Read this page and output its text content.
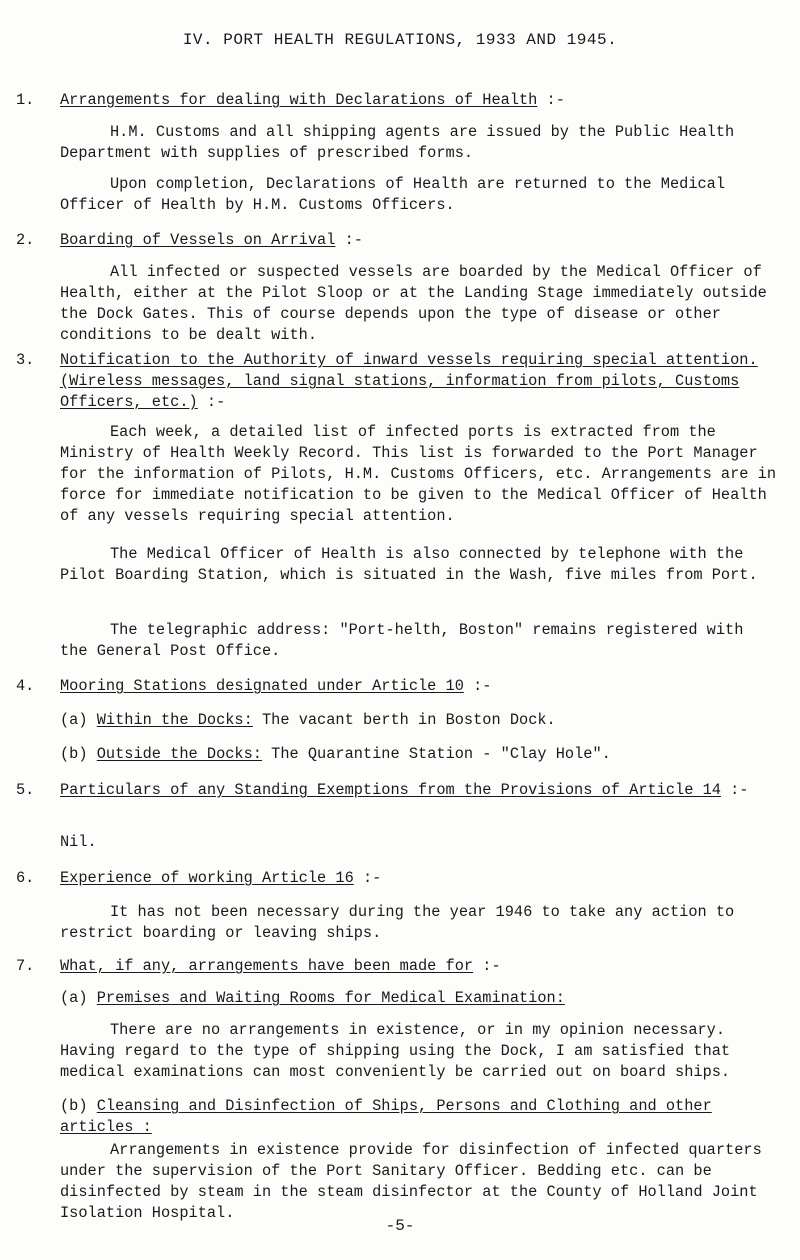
IV. PORT HEALTH REGULATIONS, 1933 AND 1945.
1. Arrangements for dealing with Declarations of Health :-

H.M. Customs and all shipping agents are issued by the Public Health Department with supplies of prescribed forms.

Upon completion, Declarations of Health are returned to the Medical Officer of Health by H.M. Customs Officers.

2. Boarding of Vessels on Arrival :-

All infected or suspected vessels are boarded by the Medical Officer of Health, either at the Pilot Sloop or at the Landing Stage immediately outside the Dock Gates. This of course depends upon the type of disease or other conditions to be dealt with.

3. Notification to the Authority of inward vessels requiring special attention. (Wireless messages, land signal stations, information from pilots, Customs Officers, etc.) :-

Each week, a detailed list of infected ports is extracted from the Ministry of Health Weekly Record. This list is forwarded to the Port Manager for the information of Pilots, H.M. Customs Officers, etc. Arrangements are in force for immediate notification to be given to the Medical Officer of Health of any vessels requiring special attention.

The Medical Officer of Health is also connected by telephone with the Pilot Boarding Station, which is situated in the Wash, five miles from Port.

The telegraphic address: "Port-helth, Boston" remains registered with the General Post Office.

4. Mooring Stations designated under Article 10 :-
(a) Within the Docks: The vacant berth in Boston Dock.
(b) Outside the Docks: The Quarantine Station - "Clay Hole".
5. Particulars of any Standing Exemptions from the Provisions of Article 14 :-

Nil.

6. Experience of working Article 16 :-

It has not been necessary during the year 1946 to take any action to restrict boarding or leaving ships.

7. What, if any, arrangements have been made for :-
(a) Premises and Waiting Rooms for Medical Examination:

There are no arrangements in existence, or in my opinion necessary. Having regard to the type of shipping using the Dock, I am satisfied that medical examinations can most conveniently be carried out on board ships.

(b) Cleansing and Disinfection of Ships, Persons and Clothing and other articles :

Arrangements in existence provide for disinfection of infected quarters under the supervision of the Port Sanitary Officer. Bedding etc. can be disinfected by steam in the steam disinfector at the County of Holland Joint Isolation Hospital.

-5-
